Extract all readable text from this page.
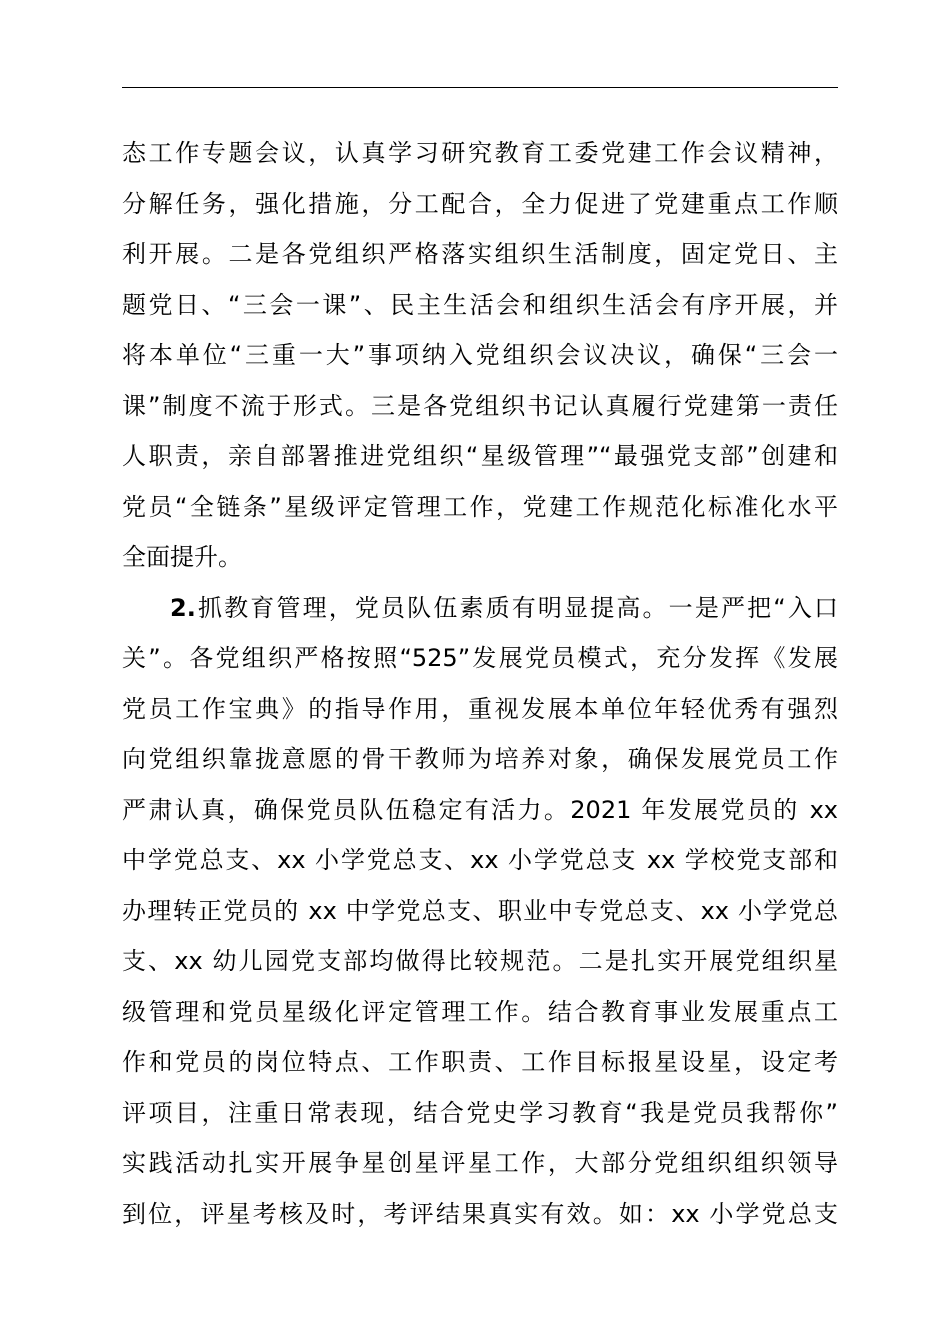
态工作专题会议，认真学习研究教育工委党建工作会议精神，
分解任务，强化措施，分工配合，全力促进了党建重点工作顺
利开展。二是各党组织严格落实组织生活制度，固定党日、主
题党日、“三会一课”、民主生活会和组织生活会有序开展，并
将本单位“三重一大”事项纳入党组织会议决议，确保“三会一
课”制度不流于形式。三是各党组织书记认真履行党建第一责任
人职责，亲自部署推进党组织“星级管理”“最强党支部”创建和
党员“全链条”星级评定管理工作，党建工作规范化标准化水平
全面提升。
2.抓教育管理，党员队伍素质有明显提高。一是严把“入口
关”。各党组织严格按照“525”发展党员模式，充分发挥《发展
党员工作宝典》的指导作用，重视发展本单位年轻优秀有强烈
向党组织靠拢意愿的骨干教师为培养对象，确保发展党员工作
严肃认真，确保党员队伍稳定有活力。2021 年发展党员的 xx
中学党总支、xx 小学党总支、xx 小学党总支 xx 学校党支部和
办理转正党员的 xx 中学党总支、职业中专党总支、xx 小学党总
支、xx 幼儿园党支部均做得比较规范。二是扎实开展党组织星
级管理和党员星级化评定管理工作。结合教育事业发展重点工
作和党员的岗位特点、工作职责、工作目标报星设星，设定考
评项目，注重日常表现，结合党史学习教育“我是党员我帮你”
实践活动扎实开展争星创星评星工作，大部分党组织组织领导
到位，评星考核及时，考评结果真实有效。如：xx 小学党总支
